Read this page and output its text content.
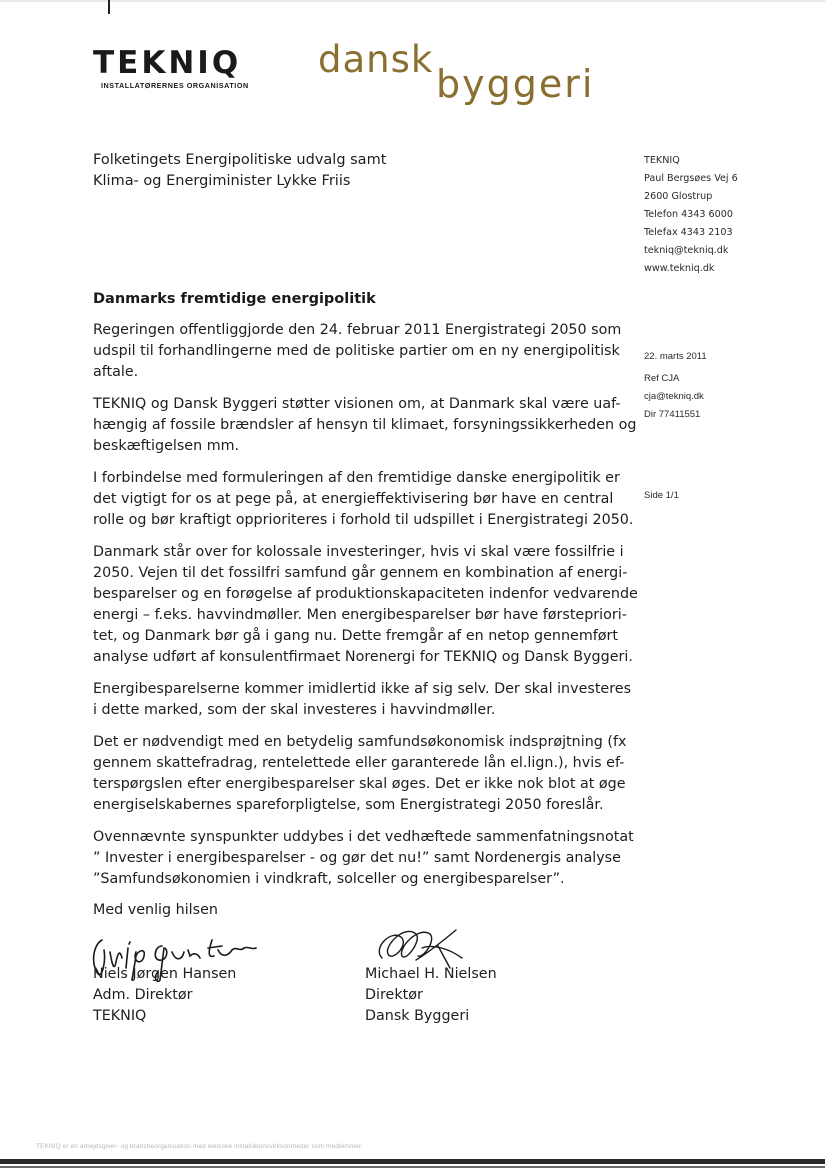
TEKNIQ
INSTALLATØRERNES ORGANISATION
dansk
byggeri
Folketingets Energipolitiske udvalg samt
Klima- og Energiminister Lykke Friis
TEKNIQ
Paul Bergsøes Vej 6
2600 Glostrup
Telefon 4343 6000
Telefax 4343 2103
tekniq@tekniq.dk
www.tekniq.dk
22. marts 2011
Ref CJA
cja@tekniq.dk
Dir 77411551
Side 1/1
Danmarks fremtidige energipolitik

Regeringen offentliggjorde den 24. februar 2011 Energistrategi 2050 som
udspil til forhandlingerne med de politiske partier om en ny energipolitisk
aftale.

TEKNIQ og Dansk Byggeri støtter visionen om, at Danmark skal være uaf-
hængig af fossile brændsler af hensyn til klimaet, forsyningssikkerheden og
beskæftigelsen mm.

I forbindelse med formuleringen af den fremtidige danske energipolitik er
det vigtigt for os at pege på, at energieffektivisering bør have en central
rolle og bør kraftigt opprioriteres i forhold til udspillet i Energistrategi 2050.

Danmark står over for kolossale investeringer, hvis vi skal være fossilfrie i
2050. Vejen til det fossilfri samfund går gennem en kombination af energi-
besparelser og en forøgelse af produktionskapaciteten indenfor vedvarende
energi – f.eks. havvindmøller. Men energibesparelser bør have førstepriori-
tet, og Danmark bør gå i gang nu. Dette fremgår af en netop gennemført
analyse udført af konsulentfirmaet Norenergi for TEKNIQ og Dansk Byggeri.

Energibesparelserne kommer imidlertid ikke af sig selv. Der skal investeres
i dette marked, som der skal investeres i havvindmøller.

Det er nødvendigt med en betydelig samfundsøkonomisk indsprøjtning (fx
gennem skattefradrag, rentelettede eller garanterede lån el.lign.), hvis ef-
terspørgslen efter energibesparelser skal øges. Det er ikke nok blot at øge
energiselskabernes spareforpligtelse, som Energistrategi 2050 foreslår.

Ovennævnte synspunkter uddybes i det vedhæftede sammenfatningsnotat
” Invester i energibesparelser - og gør det nu!” samt Nordenergis analyse
”Samfundsøkonomien i vindkraft, solceller og energibesparelser”.

Med venlig hilsen
Niels Jørgen Hansen
Adm. Direktør
TEKNIQ
Michael H. Nielsen
Direktør
Dansk Byggeri
TEKNIQ er en arbejdsgiver- og brancheorganisation med tekniske installationsvirksomheder som medlemmer.
